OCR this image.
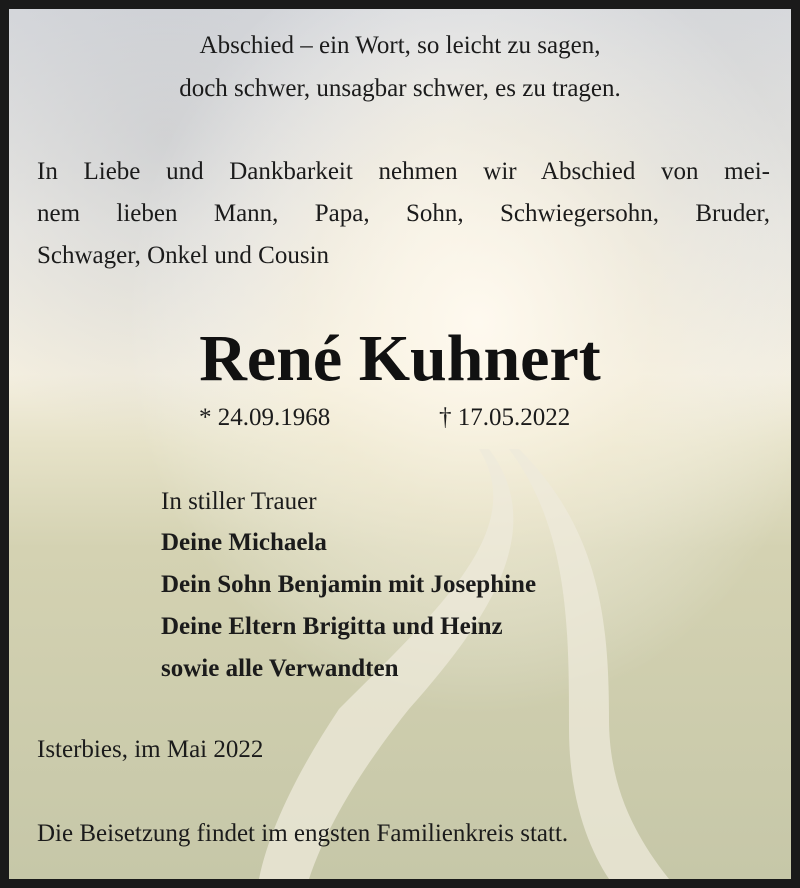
Abschied – ein Wort, so leicht zu sagen,
doch schwer, unsagbar schwer, es zu tragen.
In Liebe und Dankbarkeit nehmen wir Abschied von mei-
nem lieben Mann, Papa, Sohn, Schwiegersohn, Bruder,
Schwager, Onkel und Cousin
René Kuhnert
* 24.09.1968	† 17.05.2022
In stiller Trauer
Deine Michaela
Dein Sohn Benjamin mit Josephine
Deine Eltern Brigitta und Heinz
sowie alle Verwandten
Isterbies, im Mai 2022
Die Beisetzung findet im engsten Familienkreis statt.
